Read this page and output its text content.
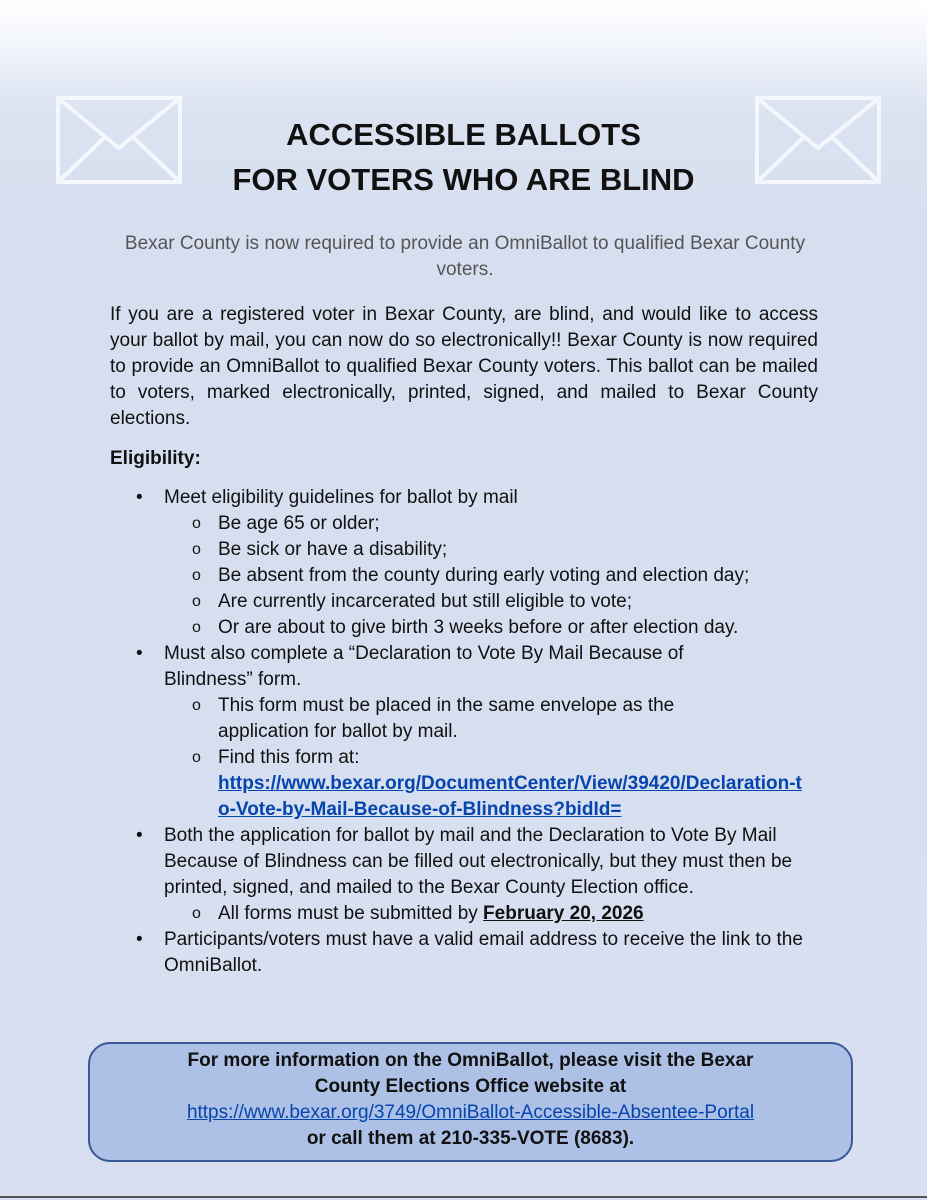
ACCESSIBLE BALLOTS
FOR VOTERS WHO ARE BLIND

Bexar County is now required to provide an OmniBallot to qualified Bexar County voters.

If you are a registered voter in Bexar County, are blind, and would like to access your ballot by mail, you can now do so electronically!! Bexar County is now required to provide an OmniBallot to qualified Bexar County voters. This ballot can be mailed to voters, marked electronically, printed, signed, and mailed to Bexar County elections.

Eligibility:

• Meet eligibility guidelines for ballot by mail
o Be age 65 or older;
o Be sick or have a disability;
o Be absent from the county during early voting and election day;
o Are currently incarcerated but still eligible to vote;
o Or are about to give birth 3 weeks before or after election day.
• Must also complete a “Declaration to Vote By Mail Because of Blindness” form.
o This form must be placed in the same envelope as the application for ballot by mail.
o Find this form at:
https://www.bexar.org/DocumentCenter/View/39420/Declaration-to-Vote-by-Mail-Because-of-Blindness?bidId=
• Both the application for ballot by mail and the Declaration to Vote By Mail Because of Blindness can be filled out electronically, but they must then be printed, signed, and mailed to the Bexar County Election office.
o All forms must be submitted by February 20, 2026
• Participants/voters must have a valid email address to receive the link to the OmniBallot.
For more information on the OmniBallot, please visit the Bexar
County Elections Office website at
https://www.bexar.org/3749/OmniBallot-Accessible-Absentee-Portal
or call them at 210-335-VOTE (8683).
